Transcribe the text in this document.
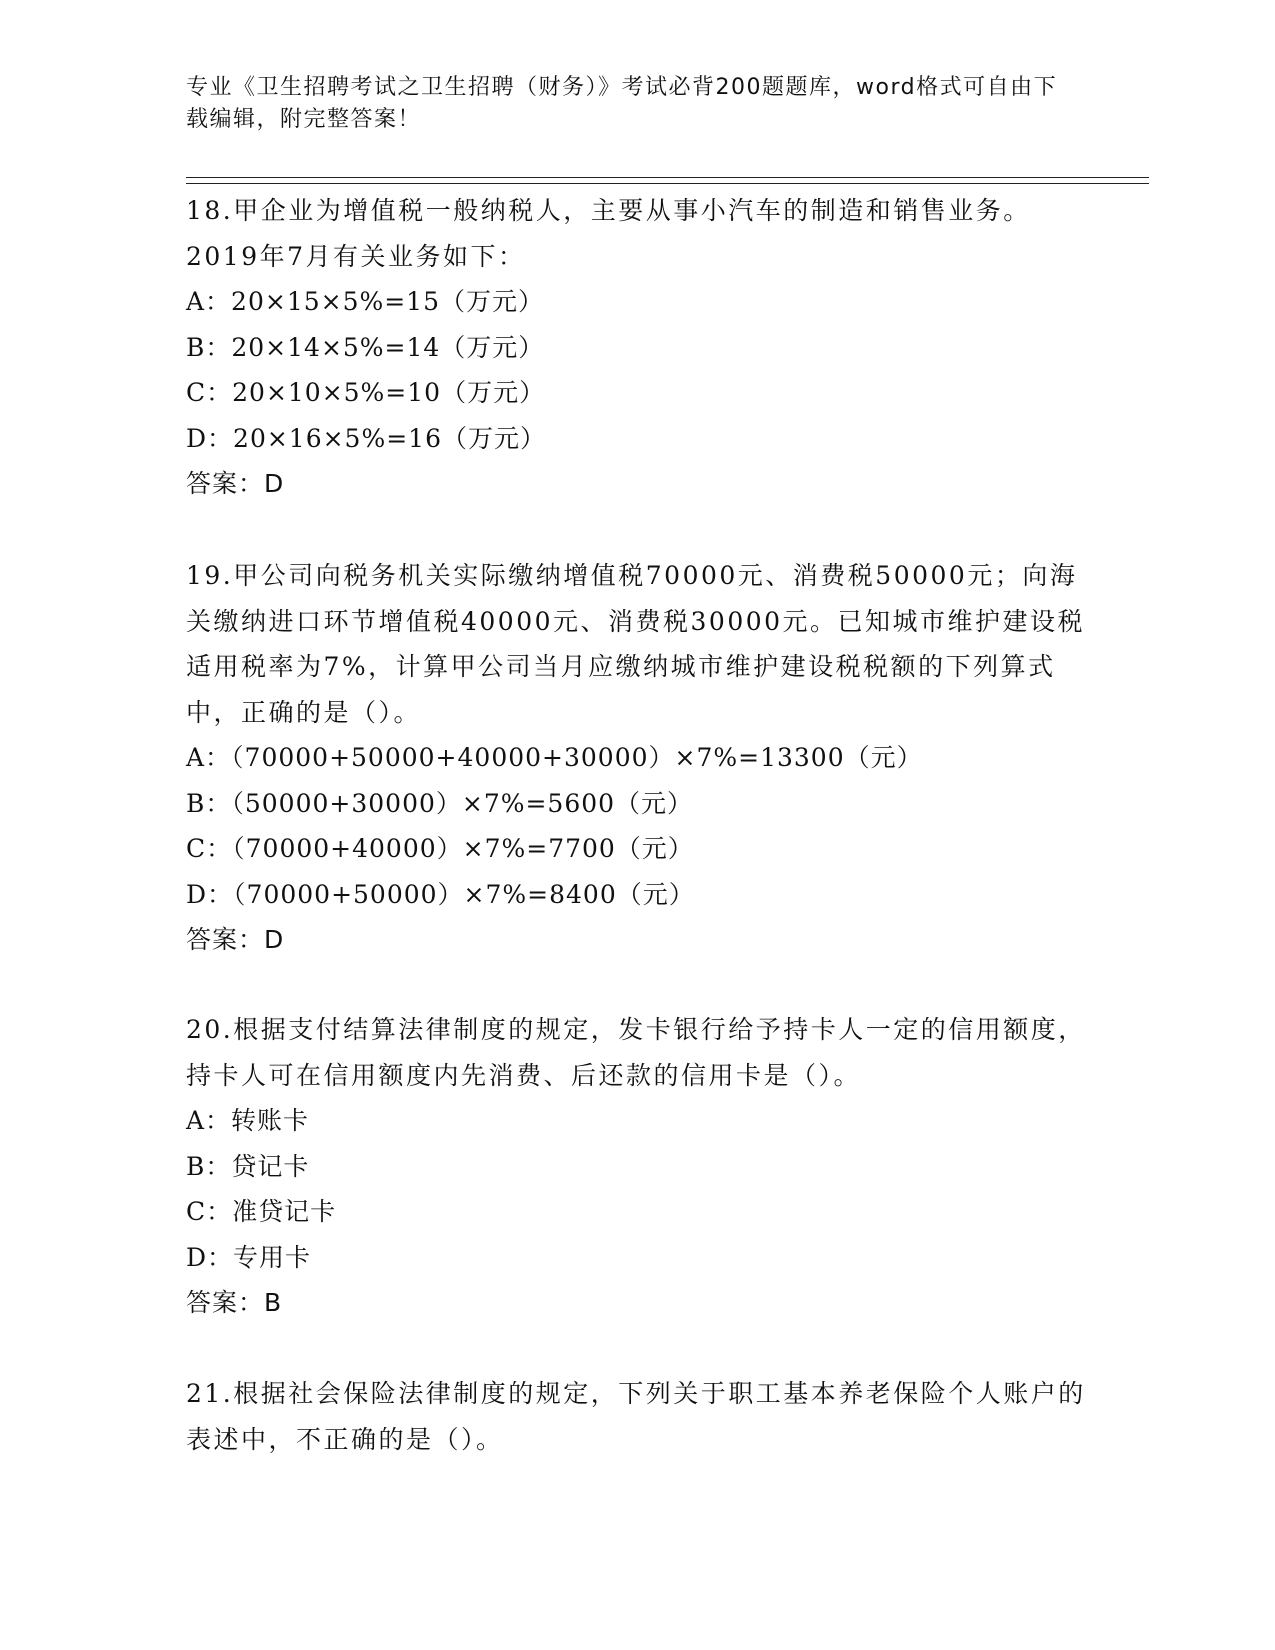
专业《卫生招聘考试之卫生招聘（财务）》考试必背200题题库，word格式可自由下载编辑，附完整答案！
18.甲企业为增值税一般纳税人，主要从事小汽车的制造和销售业务。2019年7月有关业务如下：
A：20×15×5%=15（万元）
B：20×14×5%=14（万元）
C：20×10×5%=10（万元）
D：20×16×5%=16（万元）
答案：D
19.甲公司向税务机关实际缴纳增值税70000元、消费税50000元；向海关缴纳进口环节增值税40000元、消费税30000元。已知城市维护建设税适用税率为7%，计算甲公司当月应缴纳城市维护建设税税额的下列算式中，正确的是（）。
A：（70000+50000+40000+30000）×7%=13300（元）
B：（50000+30000）×7%=5600（元）
C：（70000+40000）×7%=7700（元）
D：（70000+50000）×7%=8400（元）
答案：D
20.根据支付结算法律制度的规定，发卡银行给予持卡人一定的信用额度，持卡人可在信用额度内先消费、后还款的信用卡是（）。
A：转账卡
B：贷记卡
C：准贷记卡
D：专用卡
答案：B
21.根据社会保险法律制度的规定，下列关于职工基本养老保险个人账户的表述中，不正确的是（）。
